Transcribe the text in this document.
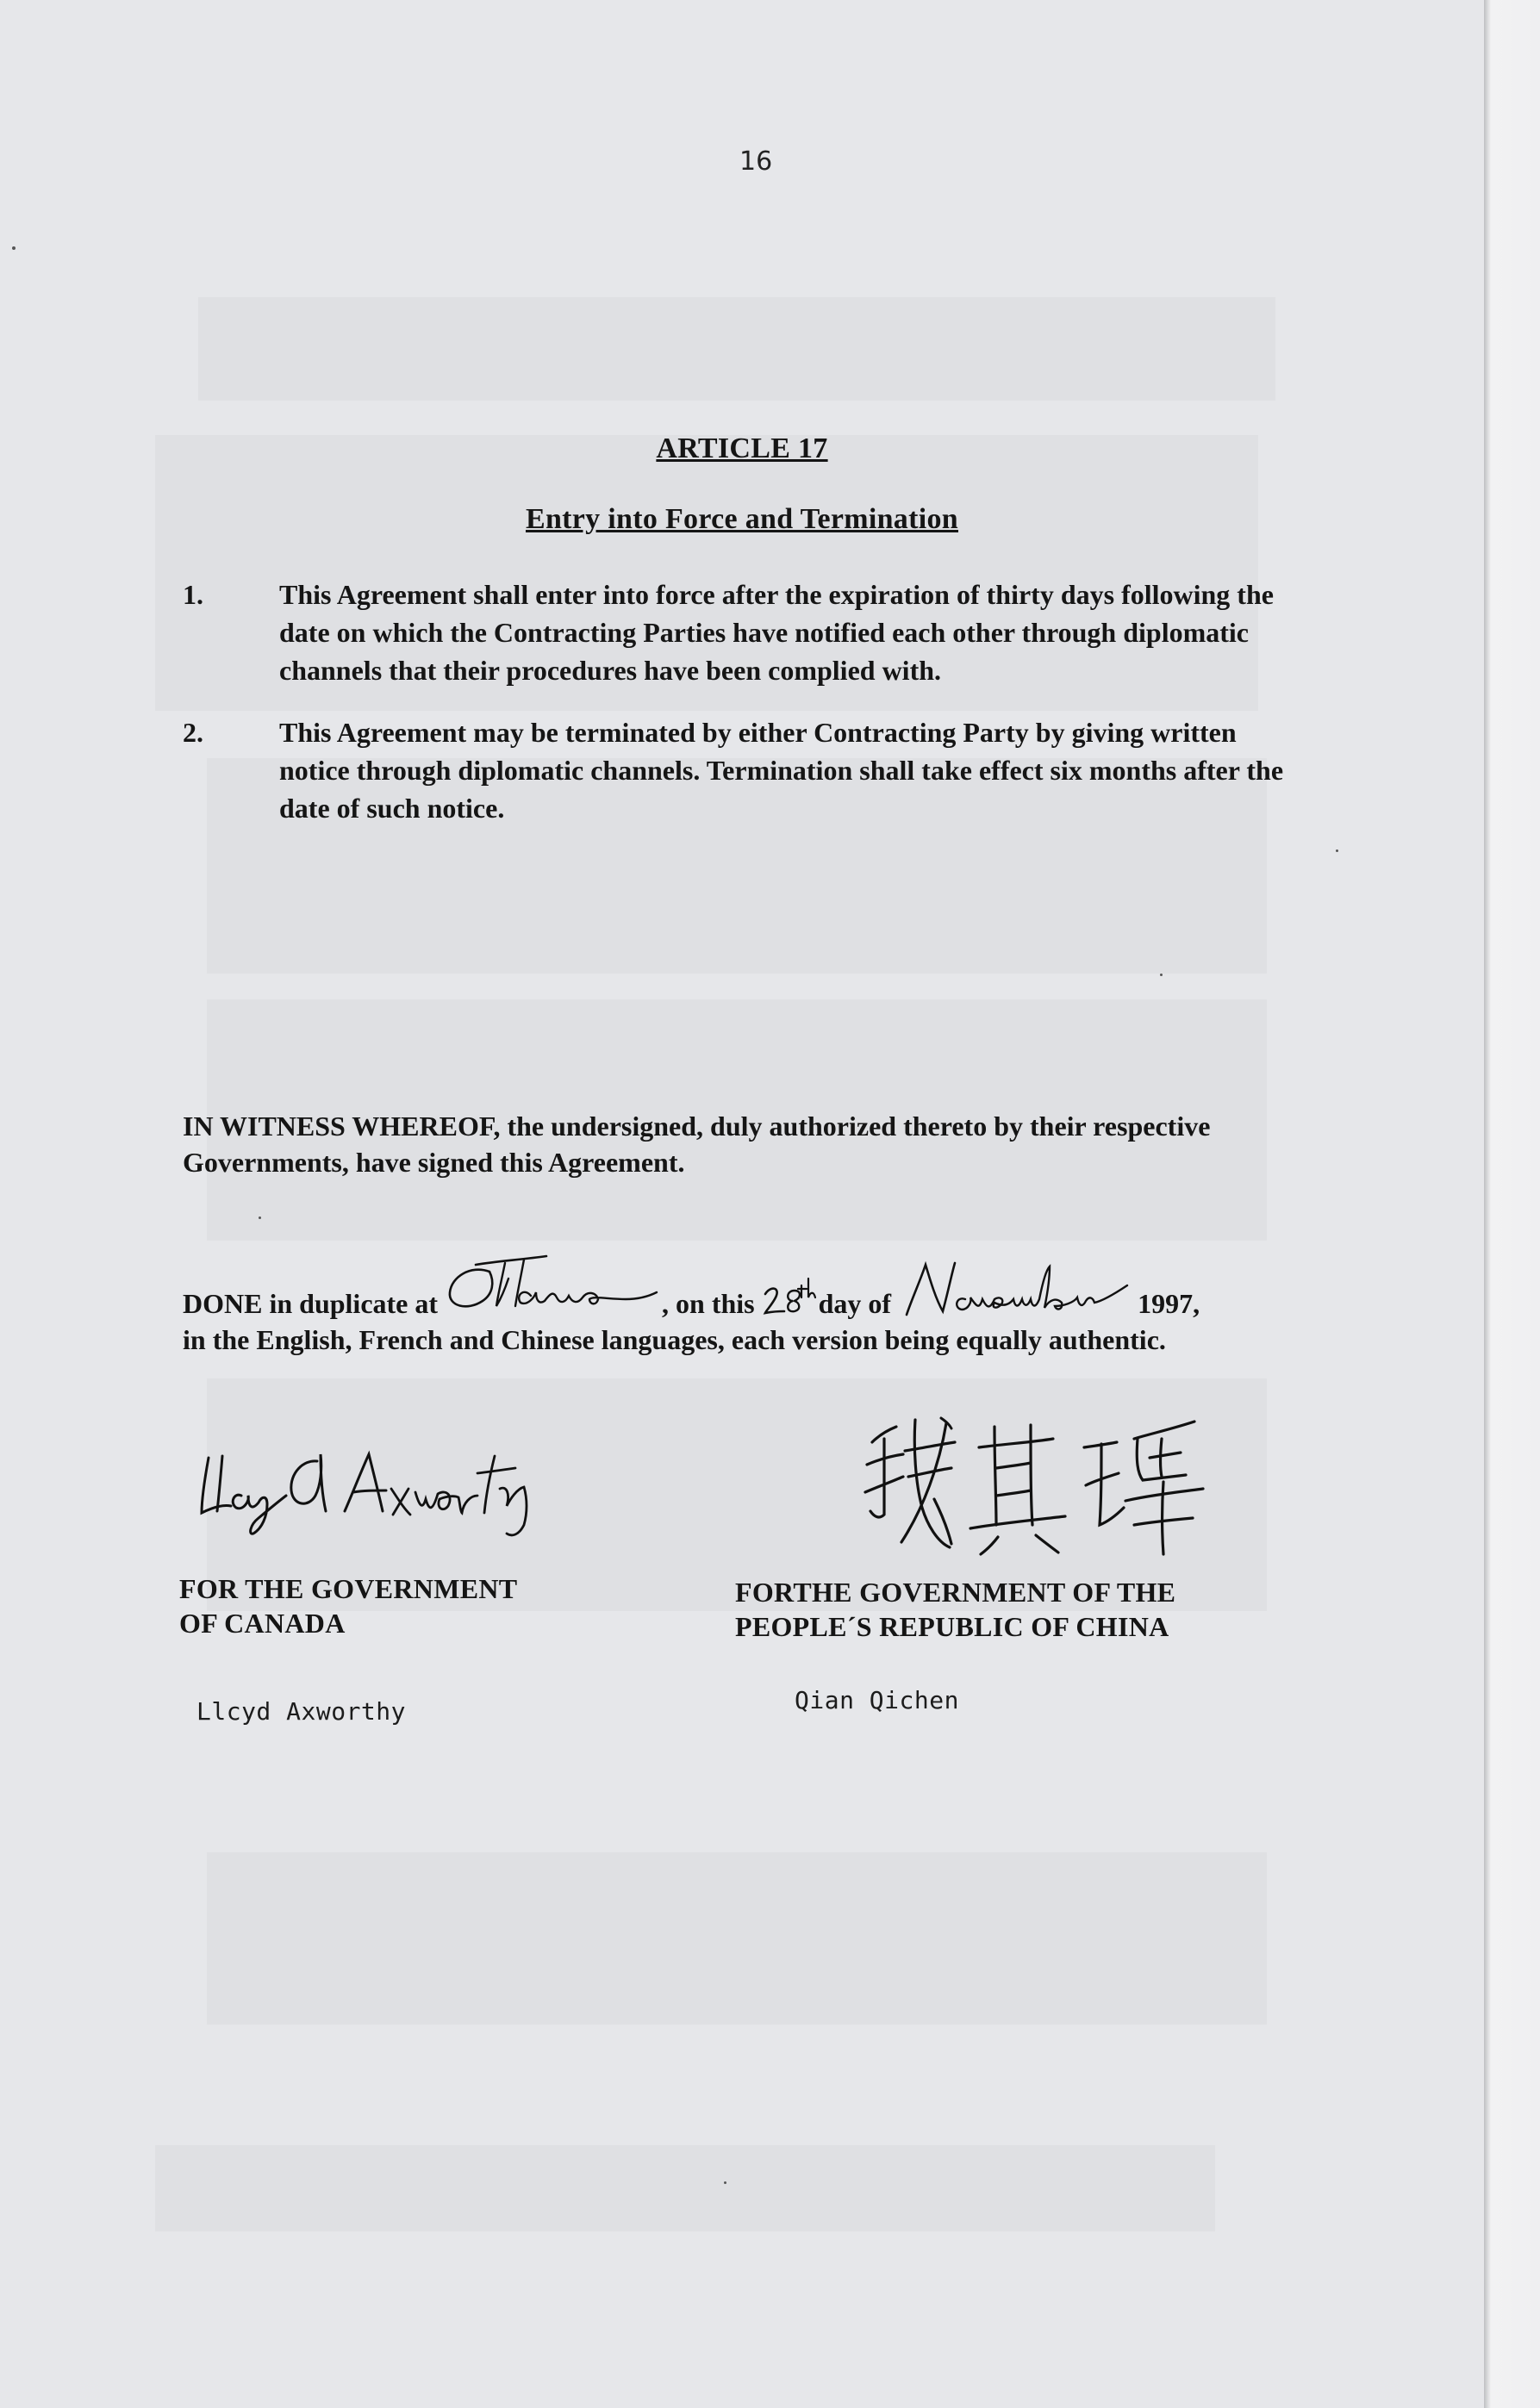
16
ARTICLE 17
Entry into Force and Termination
1.	This Agreement shall enter into force after the expiration of thirty days following the date on which the Contracting Parties have notified each other through diplomatic channels that their procedures have been complied with.
2.	This Agreement may be terminated by either Contracting Party by giving written notice through diplomatic channels. Termination shall take effect six months after the date of such notice.
IN WITNESS WHEREOF, the undersigned, duly authorized thereto by their respective Governments, have signed this Agreement.
DONE in duplicate at	, on this
day of	1997,
in the English, French and Chinese languages, each version being equally authentic.
FOR THE GOVERNMENT
OF CANADA
FORTHE GOVERNMENT OF THE
PEOPLE´S REPUBLIC OF CHINA
Llcyd Axworthy	Qian Qichen
